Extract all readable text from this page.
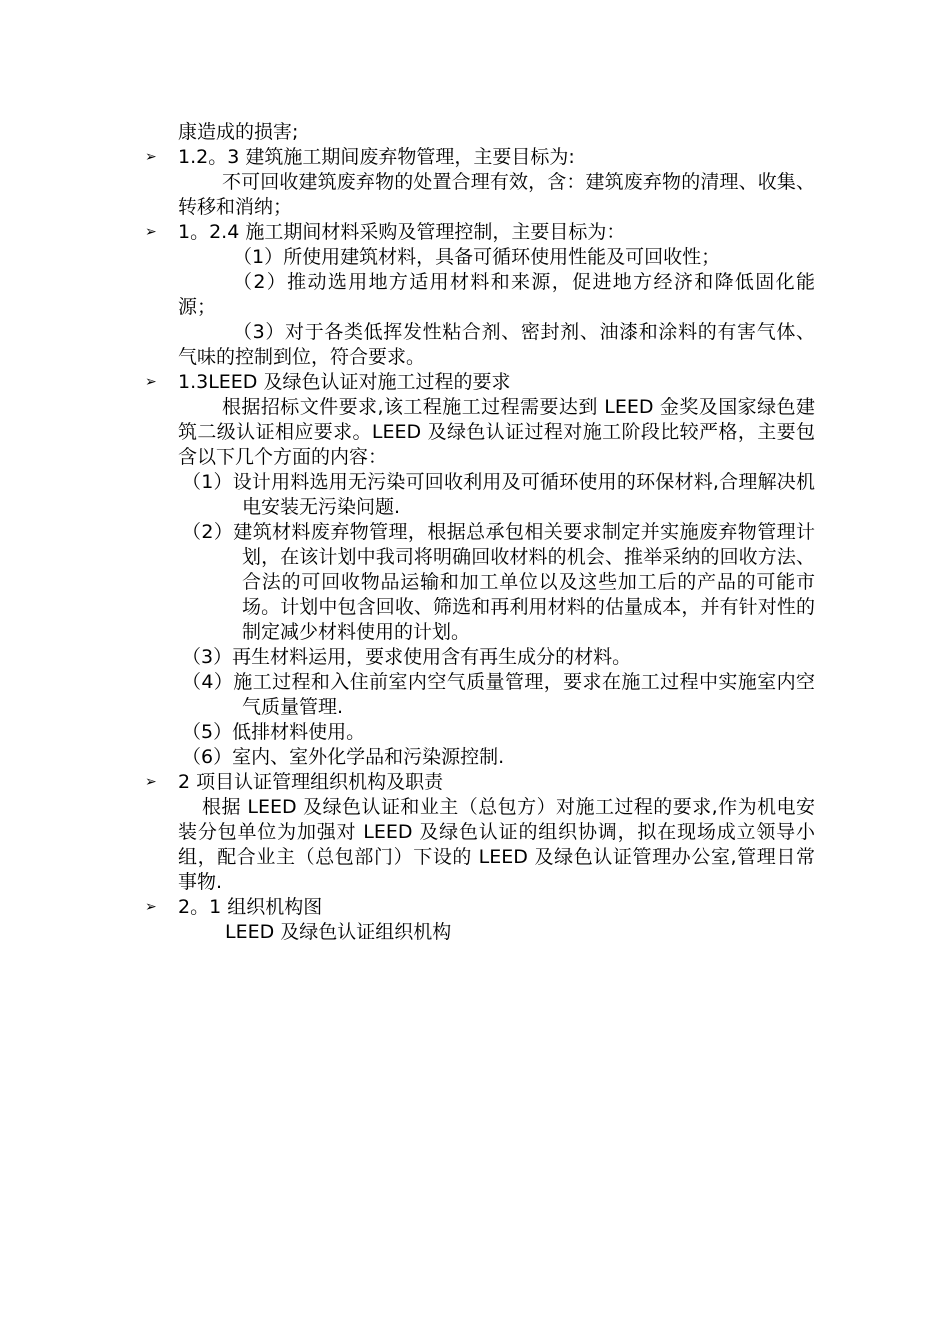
康造成的损害;

➢	1.2。3 建筑施工期间废弃物管理，主要目标为:

不可回收建筑废弃物的处置合理有效，含：建筑废弃物的清理、收集、转移和消纳；

➢	1。2.4 施工期间材料采购及管理控制，主要目标为：

（1）所使用建筑材料，具备可循环使用性能及可回收性；

（2）推动选用地方适用材料和来源，促进地方经济和降低固化能源；

（3）对于各类低挥发性粘合剂、密封剂、油漆和涂料的有害气体、气味的控制到位，符合要求。

➢	1.3LEED 及绿色认证对施工过程的要求

根据招标文件要求,该工程施工过程需要达到 LEED 金奖及国家绿色建筑二级认证相应要求。LEED 及绿色认证过程对施工阶段比较严格，主要包含以下几个方面的内容：

（1）设计用料选用无污染可回收利用及可循环使用的环保材料,合理解决机电安装无污染问题.

（2）建筑材料废弃物管理，根据总承包相关要求制定并实施废弃物管理计划，在该计划中我司将明确回收材料的机会、推举采纳的回收方法、合法的可回收物品运输和加工单位以及这些加工后的产品的可能市场。计划中包含回收、筛选和再利用材料的估量成本，并有针对性的制定减少材料使用的计划。

（3）再生材料运用，要求使用含有再生成分的材料。

（4）施工过程和入住前室内空气质量管理，要求在施工过程中实施室内空气质量管理.

（5）低排材料使用。

（6）室内、室外化学品和污染源控制.

➢	2 项目认证管理组织机构及职责

根据 LEED 及绿色认证和业主（总包方）对施工过程的要求,作为机电安装分包单位为加强对 LEED 及绿色认证的组织协调，拟在现场成立领导小组，配合业主（总包部门）下设的 LEED 及绿色认证管理办公室,管理日常事物.

➢	2。1 组织机构图

LEED 及绿色认证组织机构
